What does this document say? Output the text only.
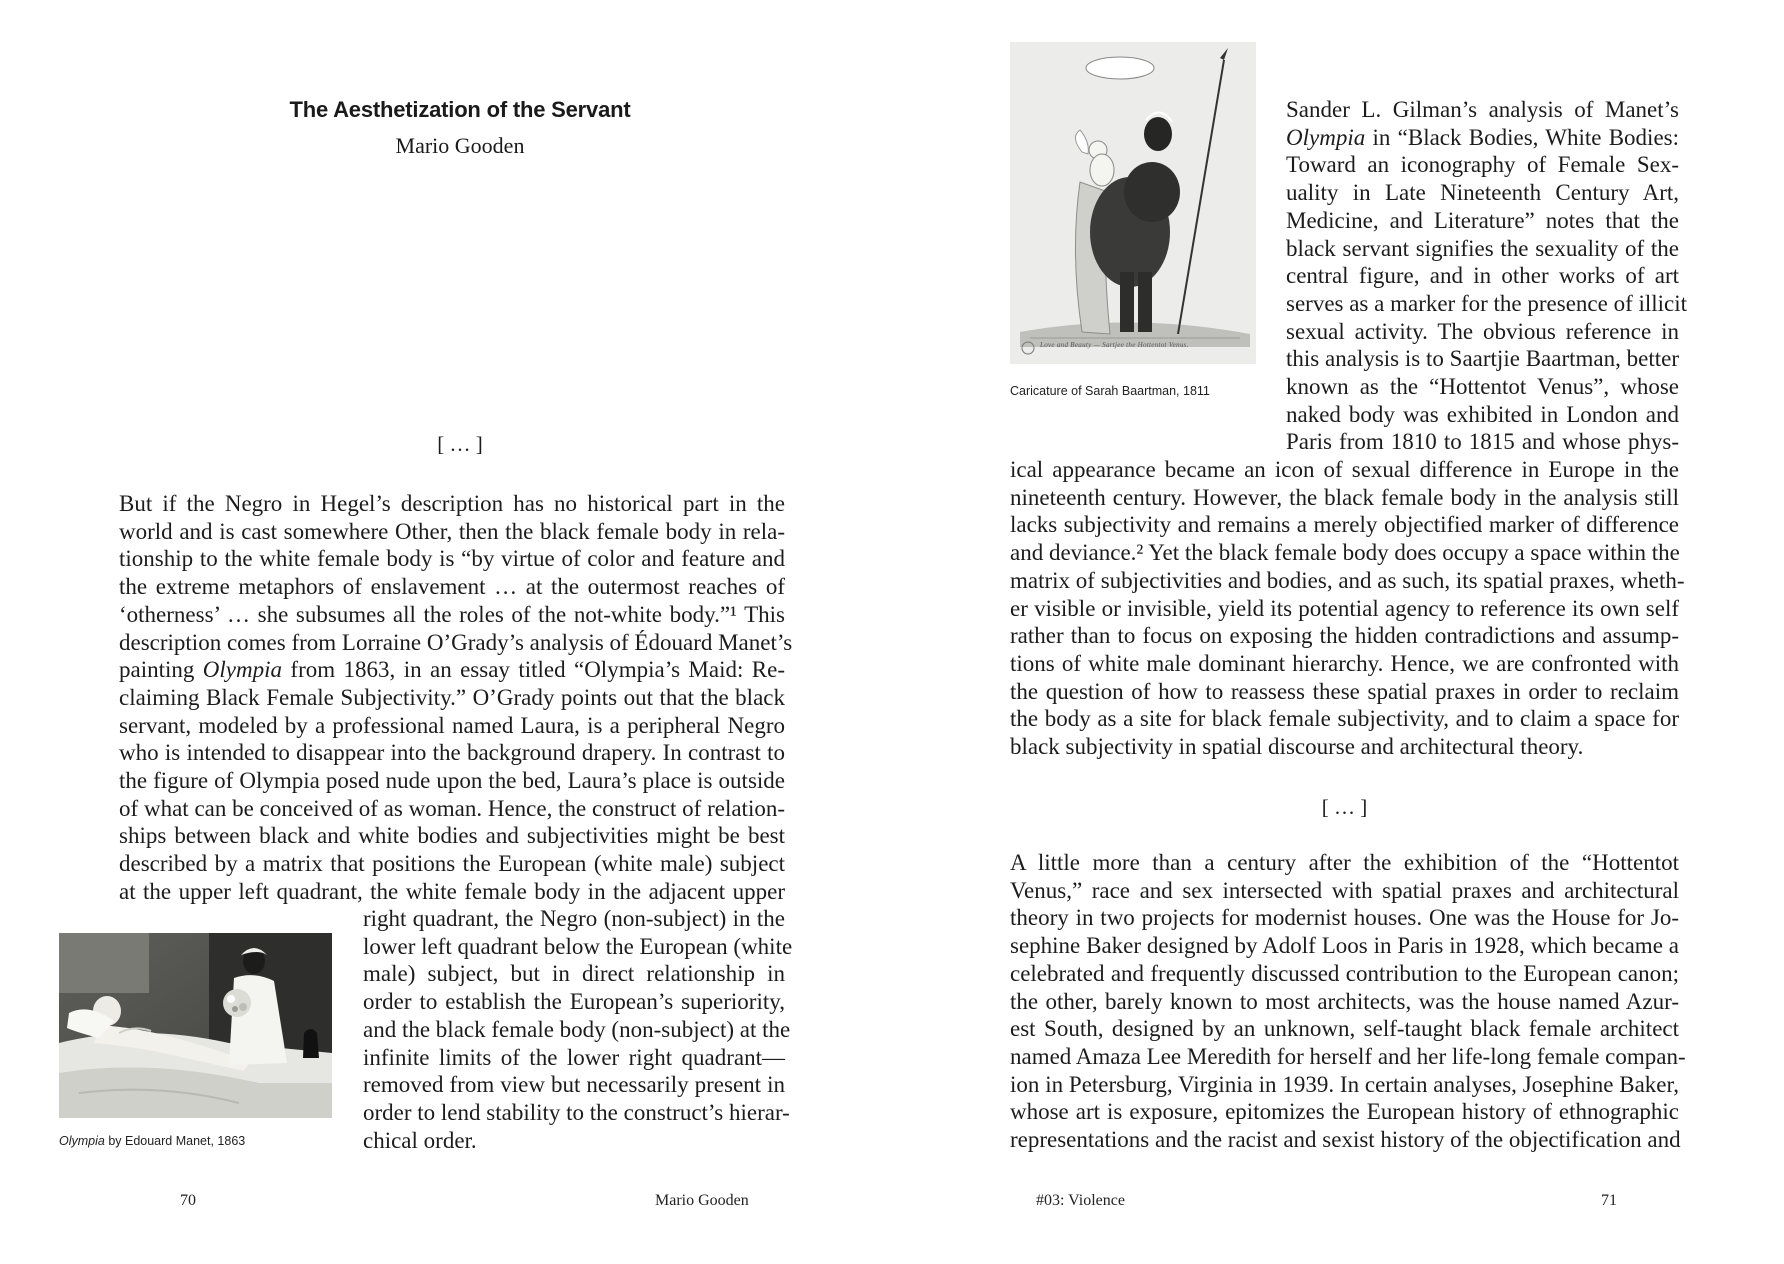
The Aesthetization of the Servant
Mario Gooden
[ … ]
But if the Negro in Hegel’s description has no historical part in the
world and is cast somewhere Other, then the black female body in rela-
tionship to the white female body is “by virtue of color and feature and
the extreme metaphors of enslavement … at the outermost reaches of
‘otherness’ … she subsumes all the roles of the not-white body.”¹ This
description comes from Lorraine O’Grady’s analysis of Édouard Manet’s
painting Olympia from 1863, in an essay titled “Olympia’s Maid: Re-
claiming Black Female Subjectivity.” O’Grady points out that the black
servant, modeled by a professional named Laura, is a peripheral Negro
who is intended to disappear into the background drapery. In contrast to
the figure of Olympia posed nude upon the bed, Laura’s place is outside
of what can be conceived of as woman. Hence, the construct of relation-
ships between black and white bodies and subjectivities might be best
described by a matrix that positions the European (white male) subject
at the upper left quadrant, the white female body in the adjacent upper
right quadrant, the Negro (non-subject) in the
lower left quadrant below the European (white
male) subject, but in direct relationship in
order to establish the European’s superiority,
and the black female body (non-subject) at the
infinite limits of the lower right quadrant—
removed from view but necessarily present in
order to lend stability to the construct’s hierar-
chical order.
Olympia by Edouard Manet, 1863
70	Mario Gooden
Love and Beauty — Sartjee the Hottentot Venus.
Caricature of Sarah Baartman, 1811
Sander L. Gilman’s analysis of Manet’s
Olympia in “Black Bodies, White Bodies:
Toward an iconography of Female Sex-
uality in Late Nineteenth Century Art,
Medicine, and Literature” notes that the
black servant signifies the sexuality of the
central figure, and in other works of art
serves as a marker for the presence of illicit
sexual activity. The obvious reference in
this analysis is to Saartjie Baartman, better
known as the “Hottentot Venus”, whose
naked body was exhibited in London and
Paris from 1810 to 1815 and whose phys-
ical appearance became an icon of sexual difference in Europe in the
nineteenth century. However, the black female body in the analysis still
lacks subjectivity and remains a merely objectified marker of difference
and deviance.² Yet the black female body does occupy a space within the
matrix of subjectivities and bodies, and as such, its spatial praxes, wheth-
er visible or invisible, yield its potential agency to reference its own self
rather than to focus on exposing the hidden contradictions and assump-
tions of white male dominant hierarchy. Hence, we are confronted with
the question of how to reassess these spatial praxes in order to reclaim
the body as a site for black female subjectivity, and to claim a space for
black subjectivity in spatial discourse and architectural theory.
[ … ]
A little more than a century after the exhibition of the “Hottentot
Venus,” race and sex intersected with spatial praxes and architectural
theory in two projects for modernist houses. One was the House for Jo-
sephine Baker designed by Adolf Loos in Paris in 1928, which became a
celebrated and frequently discussed contribution to the European canon;
the other, barely known to most architects, was the house named Azur-
est South, designed by an unknown, self-taught black female architect
named Amaza Lee Meredith for herself and her life-long female compan-
ion in Petersburg, Virginia in 1939. In certain analyses, Josephine Baker,
whose art is exposure, epitomizes the European history of ethnographic
representations and the racist and sexist history of the objectification and
#03: Violence	71
